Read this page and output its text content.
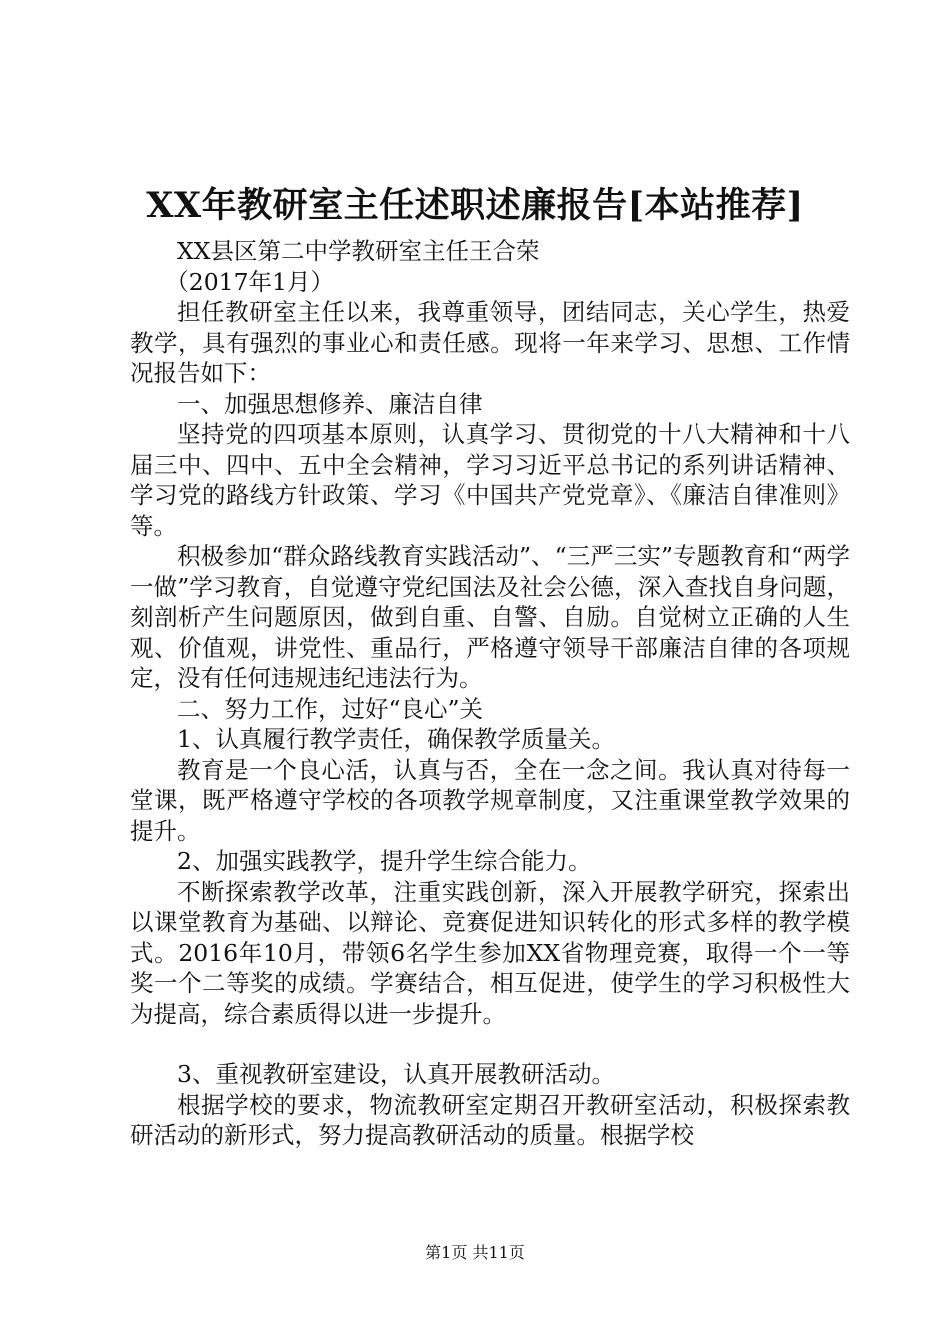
XX年教研室主任述职述廉报告[本站推荐]

XX县区第二中学教研室主任王合荣

（2017年1月）

担任教研室主任以来，我尊重领导，团结同志，关心学生，热爱教学，具有强烈的事业心和责任感。现将一年来学习、思想、工作情况报告如下：

一、加强思想修养、廉洁自律

坚持党的四项基本原则，认真学习、贯彻党的十八大精神和十八届三中、四中、五中全会精神，学习习近平总书记的系列讲话精神、学习党的路线方针政策、学习《中国共产党党章》、《廉洁自律准则》等。

积极参加“群众路线教育实践活动”、“三严三实”专题教育和“两学一做”学习教育，自觉遵守党纪国法及社会公德，深入查找自身问题，刻剖析产生问题原因，做到自重、自警、自励。自觉树立正确的人生观、价值观，讲党性、重品行，严格遵守领导干部廉洁自律的各项规定，没有任何违规违纪违法行为。

二、努力工作，过好“良心”关

1、认真履行教学责任，确保教学质量关。

教育是一个良心活，认真与否，全在一念之间。我认真对待每一堂课，既严格遵守学校的各项教学规章制度，又注重课堂教学效果的提升。

2、加强实践教学，提升学生综合能力。

不断探索教学改革，注重实践创新，深入开展教学研究，探索出以课堂教育为基础、以辩论、竞赛促进知识转化的形式多样的教学模式。2016年10月，带领6名学生参加XX省物理竞赛，取得一个一等奖一个二等奖的成绩。学赛结合，相互促进，使学生的学习积极性大为提高，综合素质得以进一步提升。

3、重视教研室建设，认真开展教研活动。

根据学校的要求，物流教研室定期召开教研室活动，积极探索教研活动的新形式，努力提高教研活动的质量。根据学校

第1页 共11页
